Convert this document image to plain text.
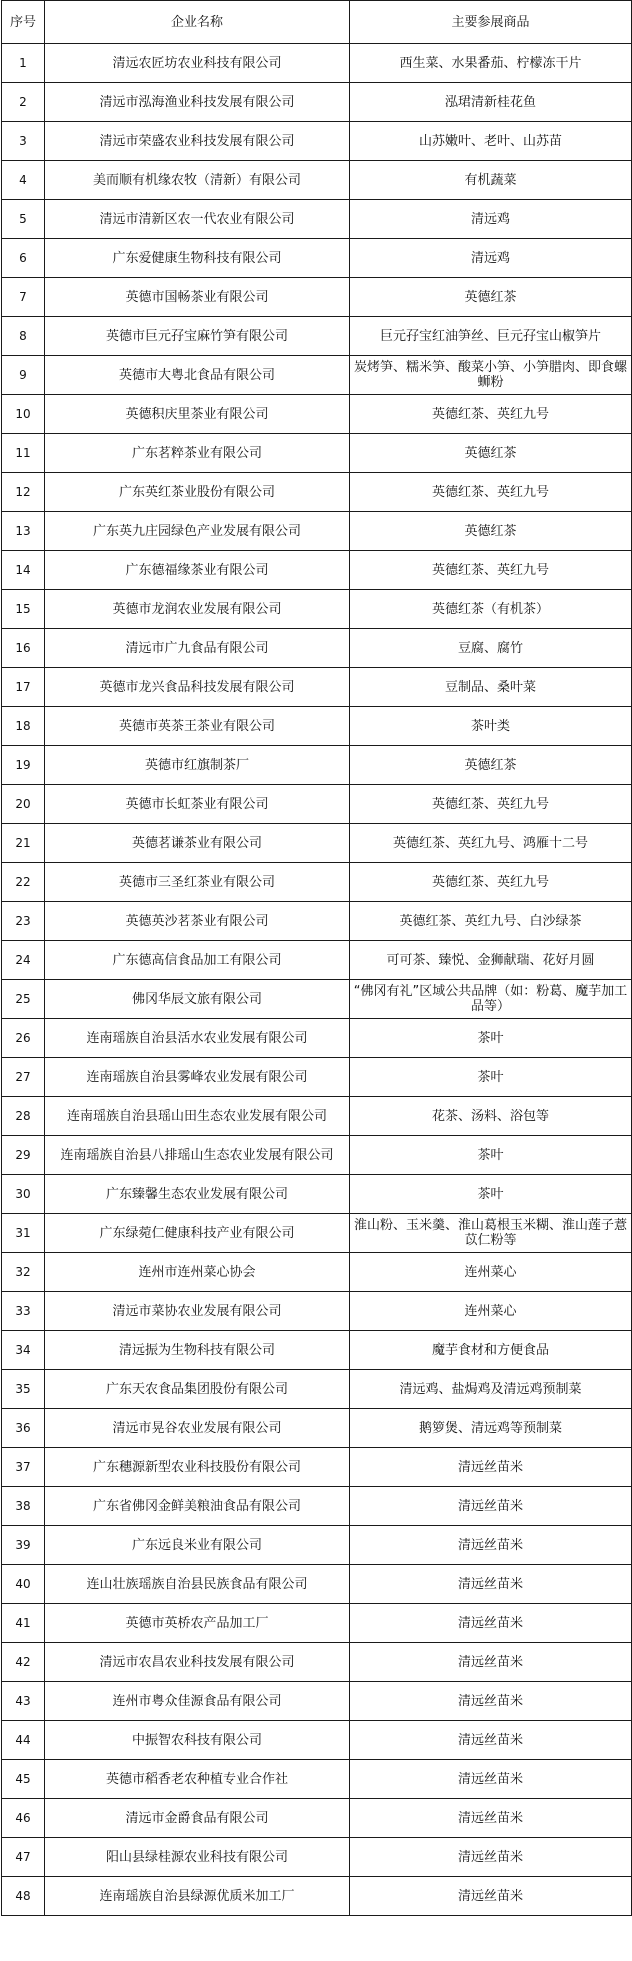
序号	企业名称	主要参展商品
1	清远农匠坊农业科技有限公司	西生菜、水果番茄、柠檬冻干片
2	清远市泓海渔业科技发展有限公司	泓珺清新桂花鱼
3	清远市荣盛农业科技发展有限公司	山苏嫩叶、老叶、山苏苗
4	美而顺有机缘农牧（清新）有限公司	有机蔬菜
5	清远市清新区农一代农业有限公司	清远鸡
6	广东爱健康生物科技有限公司	清远鸡
7	英德市国畅茶业有限公司	英德红茶
8	英德市巨元孖宝麻竹笋有限公司	巨元孖宝红油笋丝、巨元孖宝山椒笋片
9	英德市大粤北食品有限公司	炭烤笋、糯米笋、酸菜小笋、小笋腊肉、即食螺蛳粉
10	英德积庆里茶业有限公司	英德红茶、英红九号
11	广东茗粹茶业有限公司	英德红茶
12	广东英红茶业股份有限公司	英德红茶、英红九号
13	广东英九庄园绿色产业发展有限公司	英德红茶
14	广东德福缘茶业有限公司	英德红茶、英红九号
15	英德市龙润农业发展有限公司	英德红茶（有机茶）
16	清远市广九食品有限公司	豆腐、腐竹
17	英德市龙兴食品科技发展有限公司	豆制品、桑叶菜
18	英德市英茶王茶业有限公司	茶叶类
19	英德市红旗制茶厂	英德红茶
20	英德市长虹茶业有限公司	英德红茶、英红九号
21	英德茗谦茶业有限公司	英德红茶、英红九号、鸿雁十二号
22	英德市三圣红茶业有限公司	英德红茶、英红九号
23	英德英沙茗茶业有限公司	英德红茶、英红九号、白沙绿茶
24	广东德高信食品加工有限公司	可可茶、臻悦、金狮献瑞、花好月圆
25	佛冈华辰文旅有限公司	“佛冈有礼”区域公共品牌（如：粉葛、魔芋加工品等）
26	连南瑶族自治县活水农业发展有限公司	茶叶
27	连南瑶族自治县雾峰农业发展有限公司	茶叶
28	连南瑶族自治县瑶山田生态农业发展有限公司	花茶、汤料、浴包等
29	连南瑶族自治县八排瑶山生态农业发展有限公司	茶叶
30	广东臻馨生态农业发展有限公司	茶叶
31	广东绿菀仁健康科技产业有限公司	淮山粉、玉米羹、淮山葛根玉米糊、淮山莲子薏苡仁粉等
32	连州市连州菜心协会	连州菜心
33	清远市菜协农业发展有限公司	连州菜心
34	清远振为生物科技有限公司	魔芋食材和方便食品
35	广东天农食品集团股份有限公司	清远鸡、盐焗鸡及清远鸡预制菜
36	清远市晃谷农业发展有限公司	鹅箩煲、清远鸡等预制菜
37	广东穗源新型农业科技股份有限公司	清远丝苗米
38	广东省佛冈金鲜美粮油食品有限公司	清远丝苗米
39	广东远良米业有限公司	清远丝苗米
40	连山壮族瑶族自治县民族食品有限公司	清远丝苗米
41	英德市英桥农产品加工厂	清远丝苗米
42	清远市农昌农业科技发展有限公司	清远丝苗米
43	连州市粤众佳源食品有限公司	清远丝苗米
44	中振智农科技有限公司	清远丝苗米
45	英德市稻香老农种植专业合作社	清远丝苗米
46	清远市金爵食品有限公司	清远丝苗米
47	阳山县绿桂源农业科技有限公司	清远丝苗米
48	连南瑶族自治县绿源优质米加工厂	清远丝苗米
